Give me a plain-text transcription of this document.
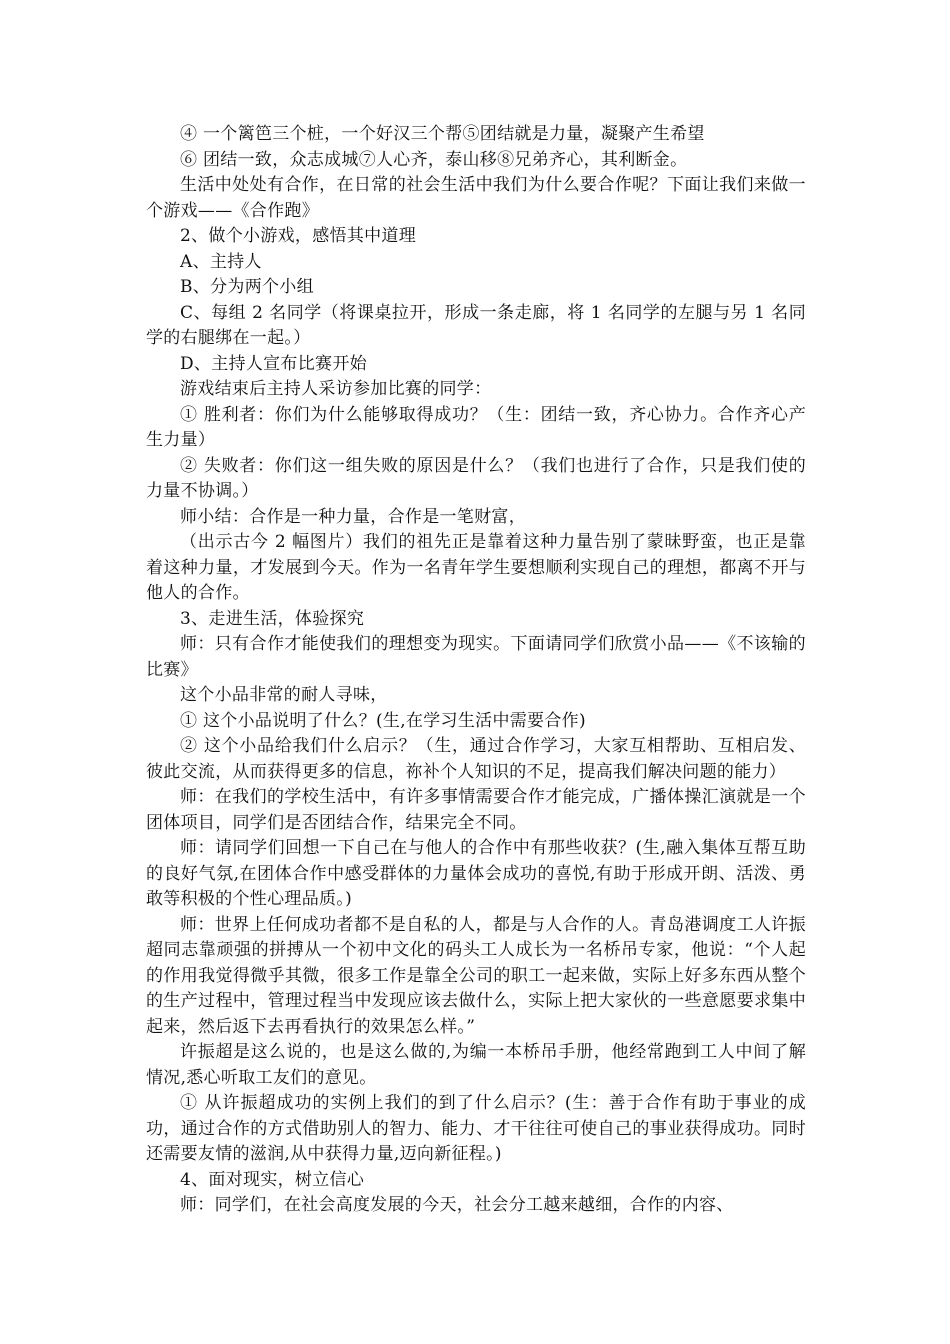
④ 一个篱笆三个桩，一个好汉三个帮⑤团结就是力量，凝聚产生希望

⑥ 团结一致，众志成城⑦人心齐，泰山移⑧兄弟齐心，其利断金。

生活中处处有合作，在日常的社会生活中我们为什么要合作呢？下面让我们来做一个游戏——《合作跑》

2、做个小游戏，感悟其中道理

A、主持人

B、分为两个小组

C、每组 2 名同学（将课桌拉开，形成一条走廊，将 1 名同学的左腿与另 1 名同学的右腿绑在一起。）

D、主持人宣布比赛开始

游戏结束后主持人采访参加比赛的同学：

① 胜利者：你们为什么能够取得成功？（生：团结一致，齐心协力。合作齐心产生力量）

② 失败者：你们这一组失败的原因是什么？（我们也进行了合作，只是我们使的力量不协调。）

师小结：合作是一种力量，合作是一笔财富，

（出示古今 2 幅图片）我们的祖先正是靠着这种力量告别了蒙昧野蛮，也正是靠着这种力量，才发展到今天。作为一名青年学生要想顺利实现自己的理想，都离不开与他人的合作。

3、走进生活，体验探究

师：只有合作才能使我们的理想变为现实。下面请同学们欣赏小品——《不该输的比赛》

这个小品非常的耐人寻味，

① 这个小品说明了什么？(生,在学习生活中需要合作)

② 这个小品给我们什么启示？（生，通过合作学习，大家互相帮助、互相启发、彼此交流，从而获得更多的信息，祢补个人知识的不足，提高我们解决问题的能力）

师：在我们的学校生活中，有许多事情需要合作才能完成，广播体操汇演就是一个团体项目，同学们是否团结合作，结果完全不同。

师：请同学们回想一下自己在与他人的合作中有那些收获？(生,融入集体互帮互助的良好气氛,在团体合作中感受群体的力量体会成功的喜悦,有助于形成开朗、活泼、勇敢等积极的个性心理品质。)

师：世界上任何成功者都不是自私的人，都是与人合作的人。青岛港调度工人许振超同志靠顽强的拼搏从一个初中文化的码头工人成长为一名桥吊专家，他说：“个人起的作用我觉得微乎其微，很多工作是靠全公司的职工一起来做，实际上好多东西从整个的生产过程中，管理过程当中发现应该去做什么，实际上把大家伙的一些意愿要求集中起来，然后返下去再看执行的效果怎么样。”

许振超是这么说的，也是这么做的,为编一本桥吊手册，他经常跑到工人中间了解情况,悉心听取工友们的意见。

① 从许振超成功的实例上我们的到了什么启示？(生：善于合作有助于事业的成功，通过合作的方式借助别人的智力、能力、才干往往可使自己的事业获得成功。同时还需要友情的滋润,从中获得力量,迈向新征程。)

4、面对现实，树立信心

师：同学们，在社会高度发展的今天，社会分工越来越细，合作的内容、
